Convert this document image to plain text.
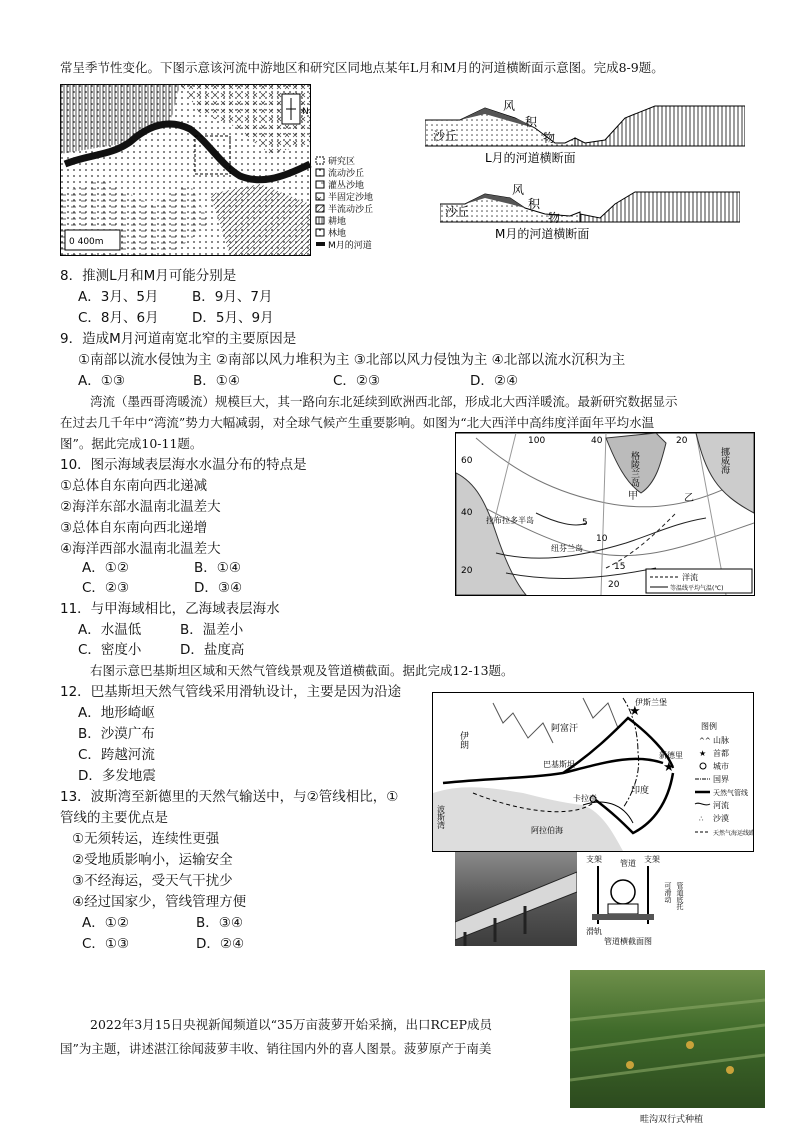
常呈季节性变化。下图示意该河流中游地区和研究区同地点某年L月和M月的河道横断面示意图。完成8-9题。
N
0 400m
研究区
流动沙丘
灌丛沙地
半固定沙地
半流动沙丘
耕地
林地
M月的河道
沙丘
风
积
物
L月的河道横断面
沙丘
风
积
物
M月的河道横断面
8．推测L月和M月可能分别是
A．3月、5月 B．9月、7月
C．8月、6月 D．5月、9月
9．造成M月河道南宽北窄的主要原因是
①南部以流水侵蚀为主 ②南部以风力堆积为主 ③北部以风力侵蚀为主 ④北部以流水沉积为主
A．①③	B．①④	C．②③	D．②④
湾流（墨西哥湾暖流）规模巨大，其一路向东北延续到欧洲西北部，形成北大西洋暖流。最新研究数据显示
在过去几千年中“湾流”势力大幅减弱，对全球气候产生重要影响。如图为“北大西洋中高纬度洋面年平均水温
图”。据此完成10-11题。
10．图示海域表层海水水温分布的特点是
①总体自东南向西北递减
②海洋东部水温南北温差大
③总体自东南向西北递增
④海洋西部水温南北温差大
A．①②	B．①④
C．②③	D．③④
60
40
20
100	40	20
格陵兰岛	挪威海
拉布拉多半岛
纽芬兰岛
甲	乙
5
10
15
20
洋流
等温线平均气温(℃)
11．与甲海域相比，乙海域表层海水
A．水温低	B．温差小
C．密度小	D．盐度高
右图示意巴基斯坦区域和天然气管线景观及管道横截面。据此完成12-13题。
12．巴基斯坦天然气管线采用滑轨设计，主要是因为沿途
A．地形崎岖
B．沙漠广布
C．跨越河流
D．多发地震
13．波斯湾至新德里的天然气输送中，与②管线相比，①
管线的主要优点是
①无须转运，连续性更强
②受地质影响小，运输安全
③不经海运，受天气干扰少
④经过国家少，管线管理方便
A．①②	B．③④
C．①③	D．②④
★
★
伊朗
阿富汗
巴基斯坦
伊斯兰堡
新德里
卡拉奇
印度
波斯湾
阿拉伯海
图例
^^ 山脉
★ 首都
城市
国界
天然气管线
河流
∴ 沙漠
天然气海运线路
支架 管道 支架
可滑动 管道底托
滑轨
管道横截面图
畦沟双行式种植
2022年3月15日央视新闻频道以“35万亩菠萝开始采摘，出口RCEP成员
国”为主题，讲述湛江徐闻菠萝丰收、销往国内外的喜人图景。菠萝原产于南美
